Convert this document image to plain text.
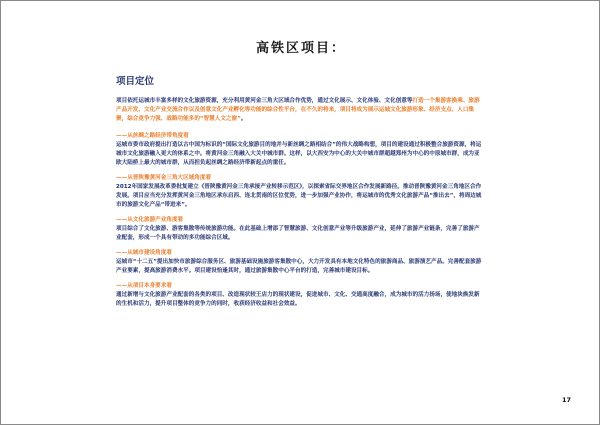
高铁区项目：
项目定位

项目依托运城市丰富多样的文化旅游资源，充分利用黄河金三角大区域合作优势，通过文化展示、文化体验、文化创意等打造一个集游客换乘、旅游产品开发、文化产业交流合作以及创意文化产业孵化等功能的综合性平台，在不久的将来，项目将成为展示运城文化旅游形象、经济支点、人口集聚，综合竞争力强、战略功能多的“智慧人文之窗”。

——从丝绸之路经济带角度看

运城市委市政府提出打造以古中国为标识的“国际文化旅游目的地并与新丝绸之路相结合”的伟大战略构想，项目的建设通过积极整合旅游资源，将运城市文化旅游融入更大的体系之中。将黄河金三角融入大关中城市群。这样，以大西安为中心的大关中城市群超越郑州为中心的中原城市群，成为亚欧大陆桥上最大的城市群，从而担负起丝绸之路经济带新起点的重任。

——从晋陕豫黄河金三角大区域角度看

2012年国家发展改革委批复建立《晋陕豫黄河金三角承接产业转移示范区》，以探索省际交界地区合作发展新路径。推动晋陕豫黄河金三角地区合作发展。项目应当充分发挥黄河金三角地区承东启西、连北贯南的区位优势，进一步加强产业协作，将运城市的优秀文化旅游产品“推出去”，将周边城市的旅游文化产品“带进来”。

——从文化旅游产业角度看

项目综合了文化旅游、游客集散等传统旅游功能。在此基础上增添了智慧旅游、文化创意产业等升级旅游产业，延伸了旅游产业链条，完善了旅游产业配套，形成一个具有带动的多功能综合区域。

——从城市建设角度看

运城市“十二五”提出加快市旅游综合服务区、旅游基础设施旅游客集散中心，大力开发具有本地文化特色的旅游商品、旅游演艺产品。完善配套旅游产业要素，提高旅游消费水平。项目建设恰逢其时，通过旅游集散中心平台的打造，完善城市建设目标。

——从项目本身要求看

通过新增与文化旅游产业配套的各类的项目、改造现状较王店力的现状建设，促进城市、文化、交通高度融合，成为城市的活力扬场，使地块焕发新的生机和活力，提升项目整体的竞争力的同时，收获经济收益和社会效益。

17
